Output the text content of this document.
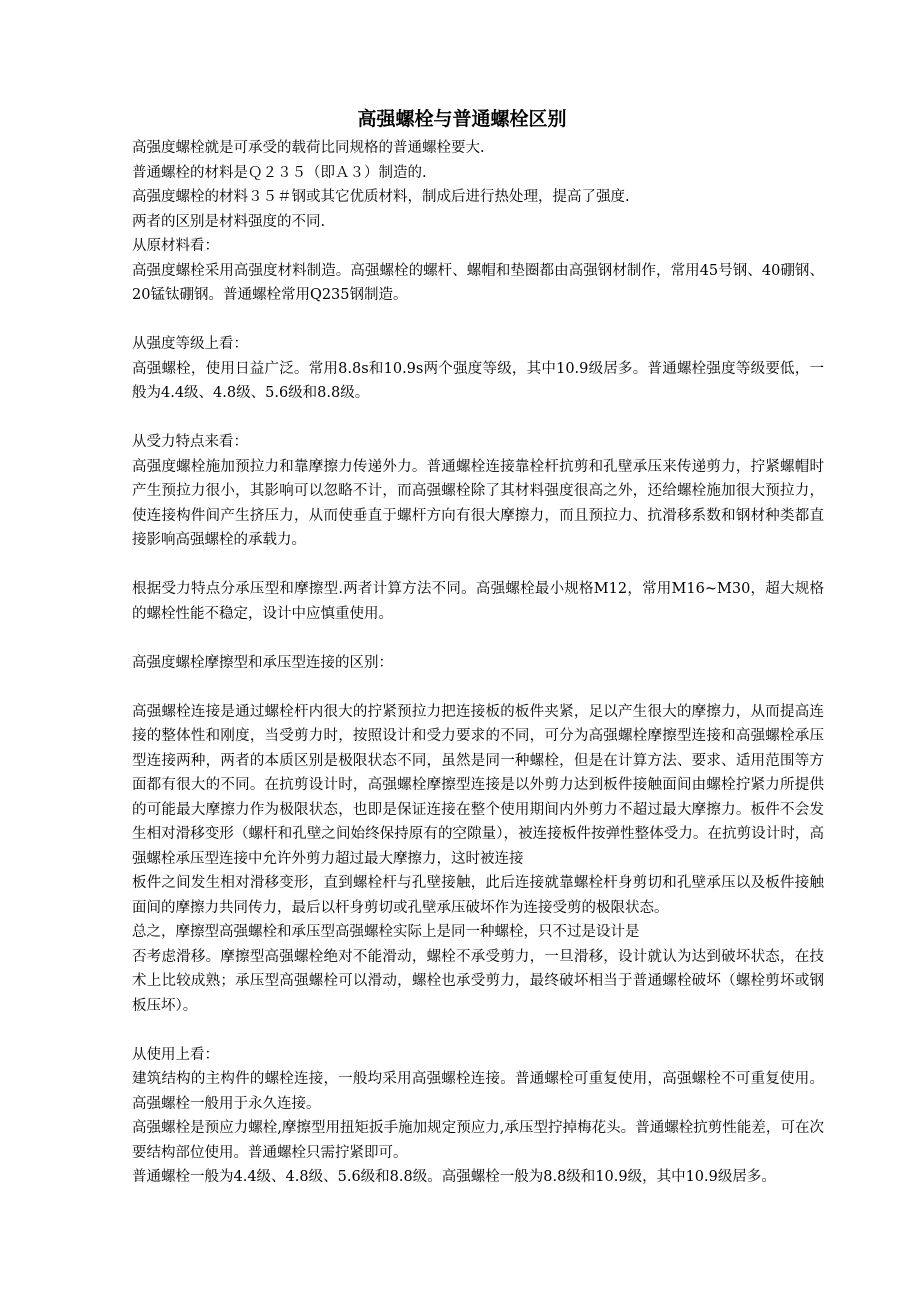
高强螺栓与普通螺栓区别

高强度螺栓就是可承受的载荷比同规格的普通螺栓要大.

普通螺栓的材料是Ｑ２３５（即Ａ３）制造的.

高强度螺栓的材料３５＃钢或其它优质材料，制成后进行热处理，提高了强度.

两者的区别是材料强度的不同.

从原材料看：

高强度螺栓采用高强度材料制造。高强螺栓的螺杆、螺帽和垫圈都由高强钢材制作，常用45号钢、40硼钢、20锰钛硼钢。普通螺栓常用Q235钢制造。

从强度等级上看：

高强螺栓，使用日益广泛。常用8.8s和10.9s两个强度等级，其中10.9级居多。普通螺栓强度等级要低，一般为4.4级、4.8级、5.6级和8.8级。

从受力特点来看：

高强度螺栓施加预拉力和靠摩擦力传递外力。普通螺栓连接靠栓杆抗剪和孔壁承压来传递剪力，拧紧螺帽时产生预拉力很小，其影响可以忽略不计，而高强螺栓除了其材料强度很高之外，还给螺栓施加很大预拉力，使连接构件间产生挤压力，从而使垂直于螺杆方向有很大摩擦力，而且预拉力、抗滑移系数和钢材种类都直接影响高强螺栓的承载力。

根据受力特点分承压型和摩擦型.两者计算方法不同。高强螺栓最小规格M12，常用M16~M30，超大规格的螺栓性能不稳定，设计中应慎重使用。

高强度螺栓摩擦型和承压型连接的区别：

高强螺栓连接是通过螺栓杆内很大的拧紧预拉力把连接板的板件夹紧，足以产生很大的摩擦力，从而提高连接的整体性和刚度，当受剪力时，按照设计和受力要求的不同，可分为高强螺栓摩擦型连接和高强螺栓承压型连接两种，两者的本质区别是极限状态不同，虽然是同一种螺栓，但是在计算方法、要求、适用范围等方面都有很大的不同。在抗剪设计时，高强螺栓摩擦型连接是以外剪力达到板件接触面间由螺栓拧紧力所提供的可能最大摩擦力作为极限状态，也即是保证连接在整个使用期间内外剪力不超过最大摩擦力。板件不会发生相对滑移变形（螺杆和孔壁之间始终保持原有的空隙量），被连接板件按弹性整体受力。在抗剪设计时，高强螺栓承压型连接中允许外剪力超过最大摩擦力，这时被连接

板件之间发生相对滑移变形，直到螺栓杆与孔壁接触，此后连接就靠螺栓杆身剪切和孔壁承压以及板件接触面间的摩擦力共同传力，最后以杆身剪切或孔壁承压破坏作为连接受剪的极限状态。

总之，摩擦型高强螺栓和承压型高强螺栓实际上是同一种螺栓，只不过是设计是

否考虑滑移。摩擦型高强螺栓绝对不能滑动，螺栓不承受剪力，一旦滑移，设计就认为达到破坏状态，在技术上比较成熟；承压型高强螺栓可以滑动，螺栓也承受剪力，最终破坏相当于普通螺栓破坏（螺栓剪坏或钢板压坏）。

从使用上看：

建筑结构的主构件的螺栓连接，一般均采用高强螺栓连接。普通螺栓可重复使用，高强螺栓不可重复使用。高强螺栓一般用于永久连接。

高强螺栓是预应力螺栓,摩擦型用扭矩扳手施加规定预应力,承压型拧掉梅花头。普通螺栓抗剪性能差，可在次要结构部位使用。普通螺栓只需拧紧即可。

普通螺栓一般为4.4级、4.8级、5.6级和8.8级。高强螺栓一般为8.8级和10.9级，其中10.9级居多。
